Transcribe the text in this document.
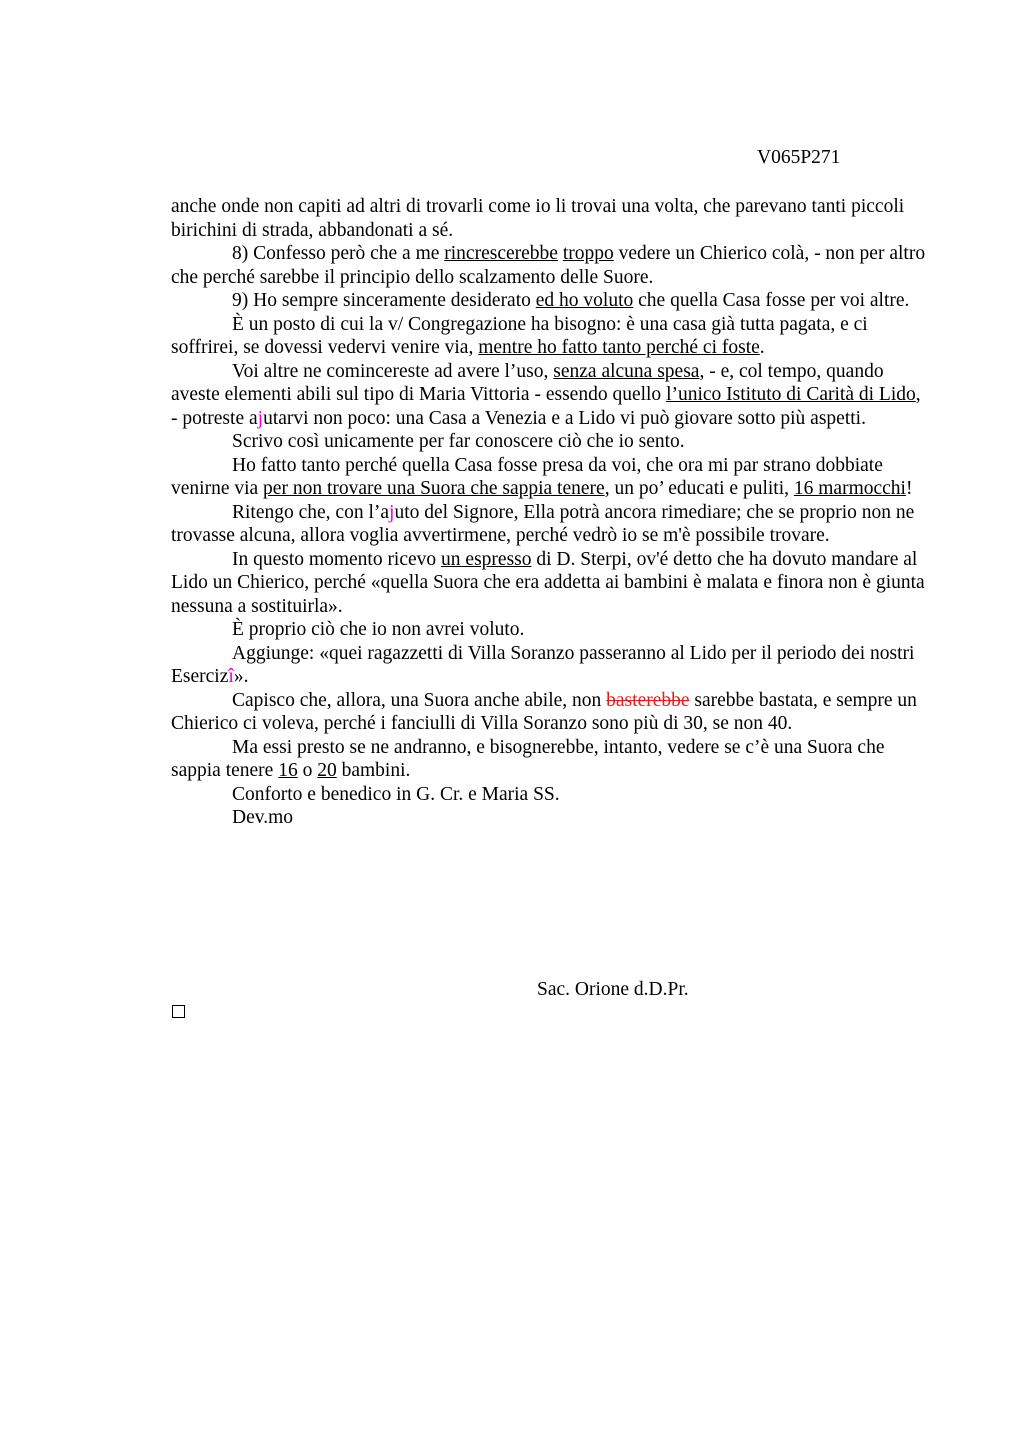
V065P271

anche onde non capiti ad altri di trovarli come io li trovai una volta, che parevano tanti piccoli birichini di strada, abbandonati a sé.

8) Confesso però che a me rincrescerebbe troppo vedere un Chierico colà, - non per altro che perché sarebbe il principio dello scalzamento delle Suore.

9) Ho sempre sinceramente desiderato ed ho voluto che quella Casa fosse per voi altre.

È un posto di cui la v/ Congregazione ha bisogno: è una casa già tutta pagata, e ci soffrirei, se dovessi vedervi venire via, mentre ho fatto tanto perché ci foste.

Voi altre ne comincereste ad avere l’uso, senza alcuna spesa, - e, col tempo, quando aveste elementi abili sul tipo di Maria Vittoria - essendo quello l’unico Istituto di Carità di Lido, - potreste ajutarvi non poco: una Casa a Venezia e a Lido vi può giovare sotto più aspetti.

Scrivo così unicamente per far conoscere ciò che io sento.

Ho fatto tanto perché quella Casa fosse presa da voi, che ora mi par strano dobbiate venirne via per non trovare una Suora che sappia tenere, un po’ educati e puliti, 16 marmocchi!

Ritengo che, con l’ajuto del Signore, Ella potrà ancora rimediare; che se proprio non ne trovasse alcuna, allora voglia avvertirmene, perché vedrò io se m'è possibile trovare.

In questo momento ricevo un espresso di D. Sterpi, ov'é detto che ha dovuto mandare al Lido un Chierico, perché «quella Suora che era addetta ai bambini è malata e finora non è giunta nessuna a sostituirla».

È proprio ciò che io non avrei voluto.

Aggiunge: «quei ragazzetti di Villa Soranzo passeranno al Lido per il periodo dei nostri Esercizî».

Capisco che, allora, una Suora anche abile, non basterebbe sarebbe bastata, e sempre un Chierico ci voleva, perché i fanciulli di Villa Soranzo sono più di 30, se non 40.

Ma essi presto se ne andranno, e bisognerebbe, intanto, vedere se c’è una Suora che sappia tenere 16 o 20 bambini.

Conforto e benedico in G. Cr. e Maria SS.

Dev.mo

Sac. Orione d.D.Pr.
